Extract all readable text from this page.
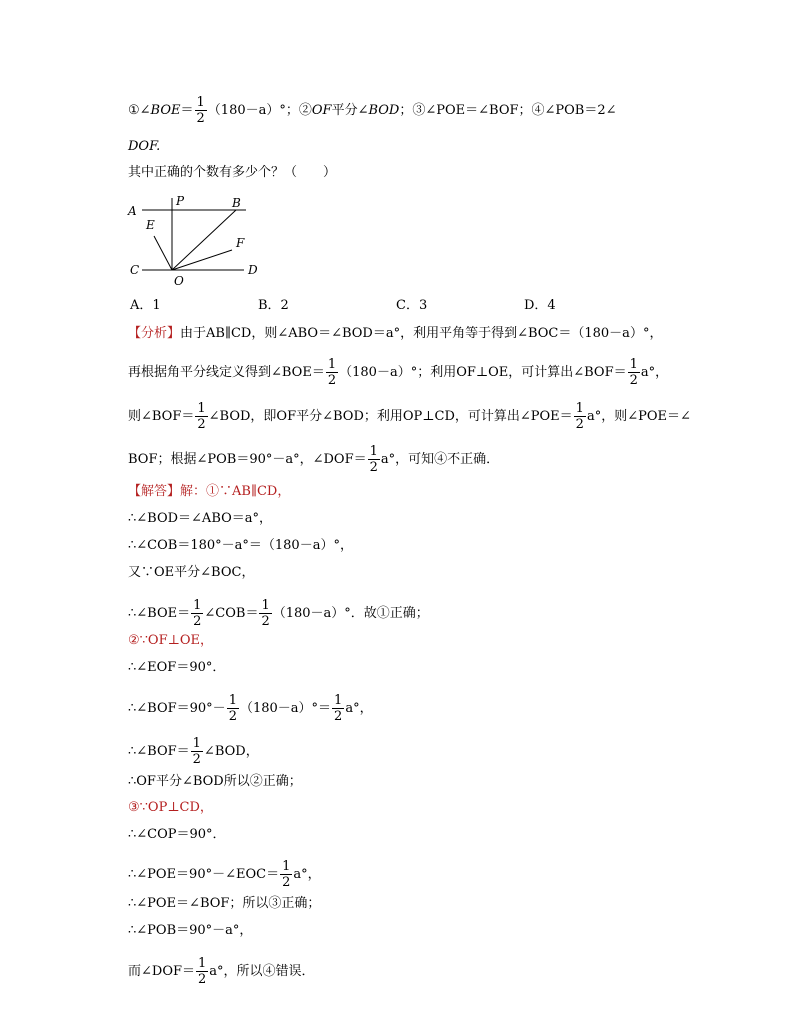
①∠BOE＝ $\frac{1}{2} (180-a)^\circ$；②OF平分∠BOD；③∠POE＝∠BOF；④∠POB＝2∠
DOF.
其中正确的个数有多少个？（　　）
A
P	B
E
F
C	D
O
A．1	B．2	C．3	D．4
【分析】由于AB∥CD，则∠ABO＝∠BOD＝a°，利用平角等于得到∠BOC＝（180－a）°，
再根据角平分线定义得到∠BOE＝ $\frac{1}{2} (180-a)^\circ$；利用OF⊥OE，可计算出∠BOF＝ $\frac{1}{2} a^\circ$，
则∠BOF＝ $\frac{1}{2}$ ∠BOD，即OF平分∠BOD；利用OP⊥CD，可计算出∠POE＝ $\frac{1}{2} a^\circ$，则∠POE＝∠
BOF；根据∠POB＝90°－a°，∠DOF＝ $\frac{1}{2} a^\circ$，可知④不正确．
【解答】解：①∵AB∥CD，
∴∠BOD＝∠ABO＝a°，
∴∠COB＝180°－a°＝（180－a）°，
又∵OE平分∠BOC，
∴∠BOE＝ $\frac{1}{2}$ ∠COB＝ $\frac{1}{2} (180-a)^\circ$．故①正确；
②∵OF⊥OE，
∴∠EOF＝90°．
∴∠BOF＝90°－ $\frac{1}{2} (180-a)^\circ= \frac{1}{2} a^\circ$，
∴∠BOF＝ $\frac{1}{2}$ ∠BOD，
∴OF平分∠BOD所以②正确；
③∵OP⊥CD，
∴∠COP＝90°．
∴∠POE＝90°－∠EOC＝ $\frac{1}{2} a^\circ$，
∴∠POE＝∠BOF；所以③正确；
∴∠POB＝90°－a°，
而∠DOF＝ $\frac{1}{2} a^\circ$，所以④错误．
